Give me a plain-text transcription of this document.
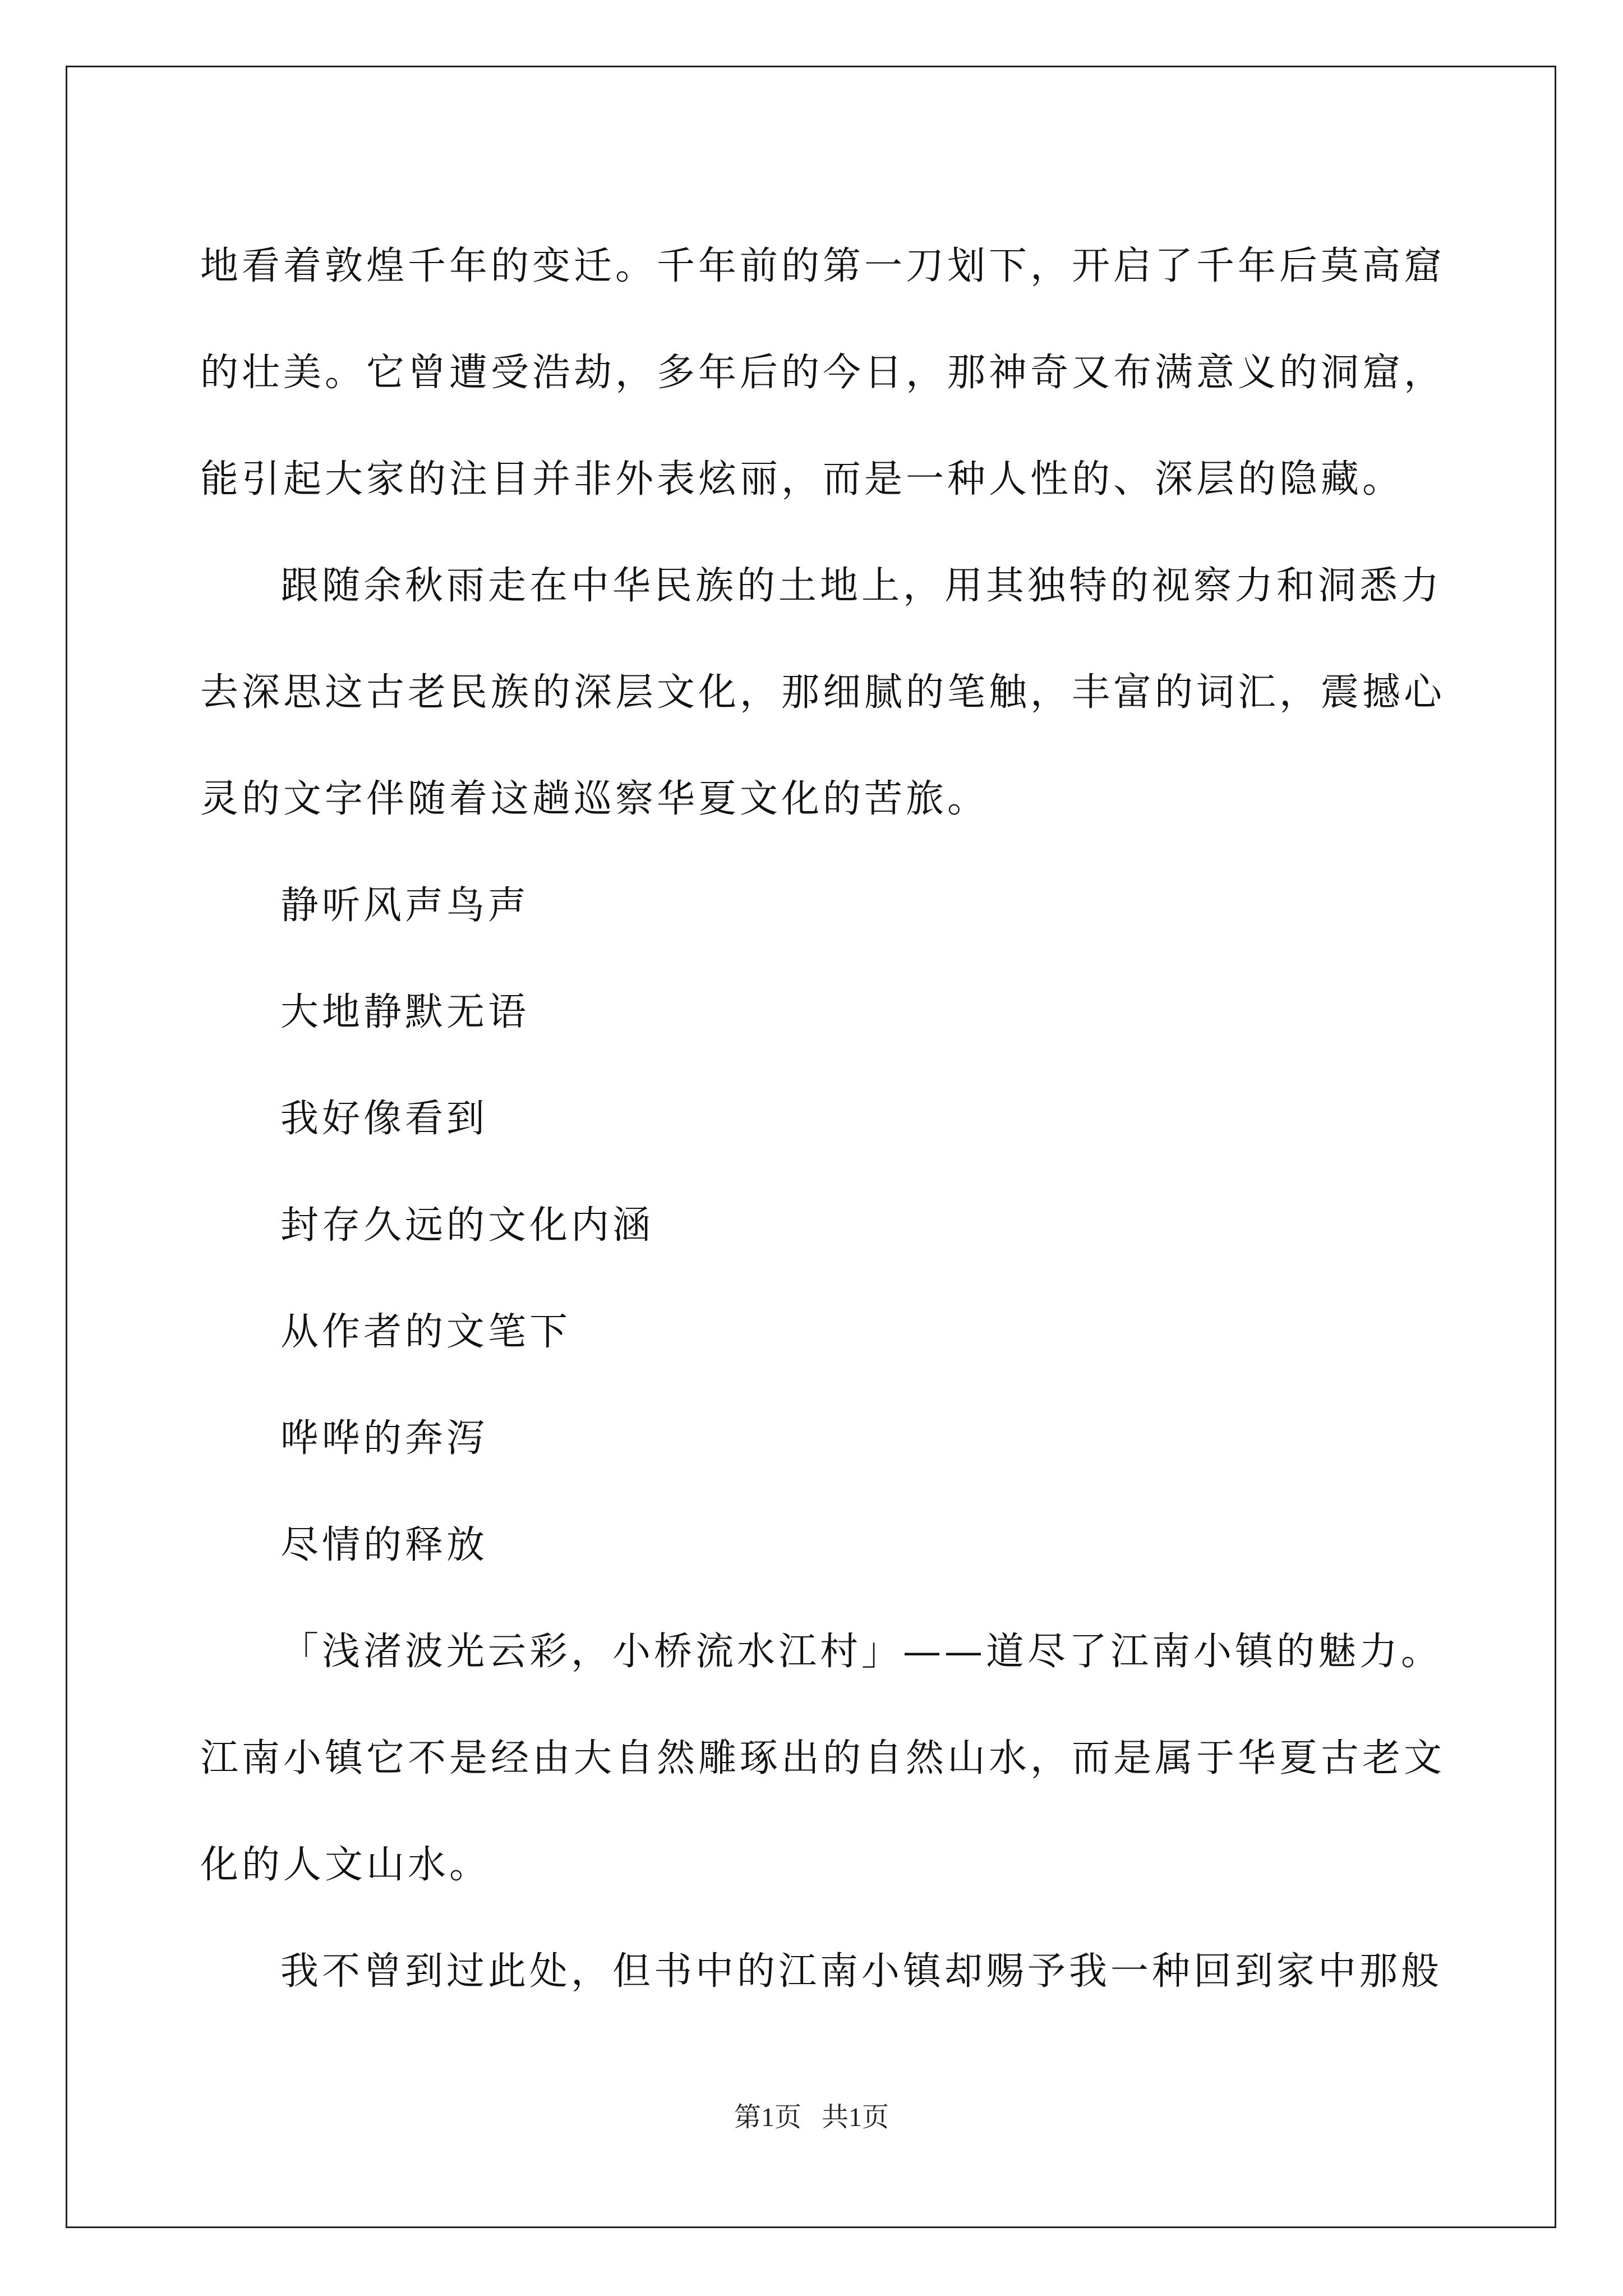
地看着敦煌千年的变迁。千年前的第一刀划下，开启了千年后莫高窟
的壮美。它曾遭受浩劫，多年后的今日，那神奇又布满意义的洞窟，
能引起大家的注目并非外表炫丽，而是一种人性的、深层的隐藏。
跟随余秋雨走在中华民族的土地上，用其独特的视察力和洞悉力
去深思这古老民族的深层文化，那细腻的笔触，丰富的词汇，震撼心
灵的文字伴随着这趟巡察华夏文化的苦旅。
静听风声鸟声
大地静默无语
我好像看到
封存久远的文化内涵
从作者的文笔下
哗哗的奔泻
尽情的释放
「浅渚波光云彩，小桥流水江村」——道尽了江南小镇的魅力。
江南小镇它不是经由大自然雕琢出的自然山水，而是属于华夏古老文
化的人文山水。
我不曾到过此处，但书中的江南小镇却赐予我一种回到家中那般
第1页   共1页
